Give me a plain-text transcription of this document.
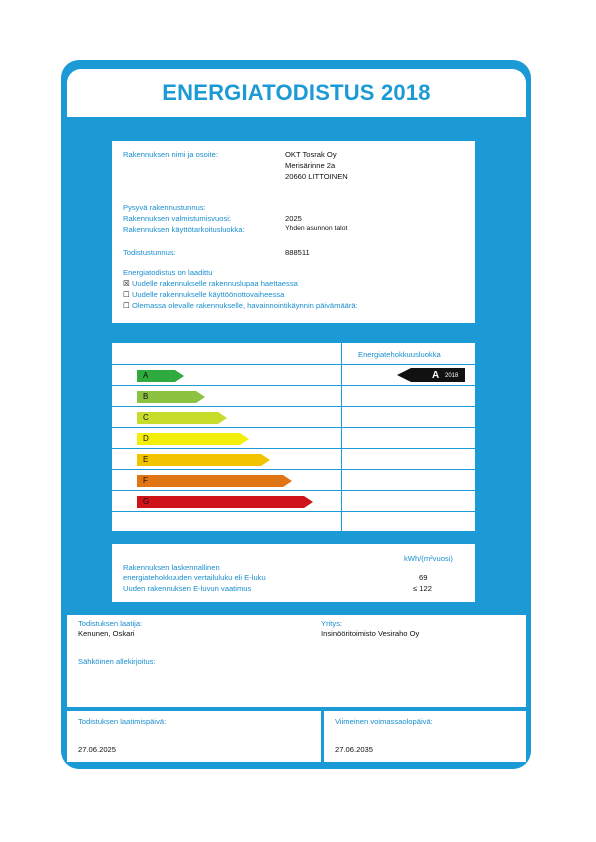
ENERGIATODISTUS 2018
Rakennuksen nimi ja osoite:	OKT Tosrak Oy
Merisärinne 2a
20660 LITTOINEN
Pysyvä rakennustunnus:
Rakennuksen valmistumisvuosi:	2025
Rakennuksen käyttötarkoitusluokka:	Yhden asunnon talot
Todistustunnus:	888511
Energiatodistus on laadittu
☒ Uudelle rakennukselle rakennuslupaa haettaessa
☐ Uudelle rakennukselle käyttöönottovaiheessa
☐ Olemassa olevalle rakennukselle, havainnointikäynnin päivämäärä:
Energiatehokkuusluokka
A
B
C
D
E
F
G
A 2018
kWh/(m²vuosi)
Rakennuksen laskennallinen
energiatehokkuuden vertailuluku eli E-luku	69
Uuden rakennuksen E-luvun vaatimus	≤ 122
Todistuksen laatija:
Kenunen, Oskari
Yritys:
Insinööritoimisto Vesiraho Oy
Sähköinen allekirjoitus:
Todistuksen laatimispäivä:
27.06.2025
Viimeinen voimassaolopäivä:
27.06.2035
